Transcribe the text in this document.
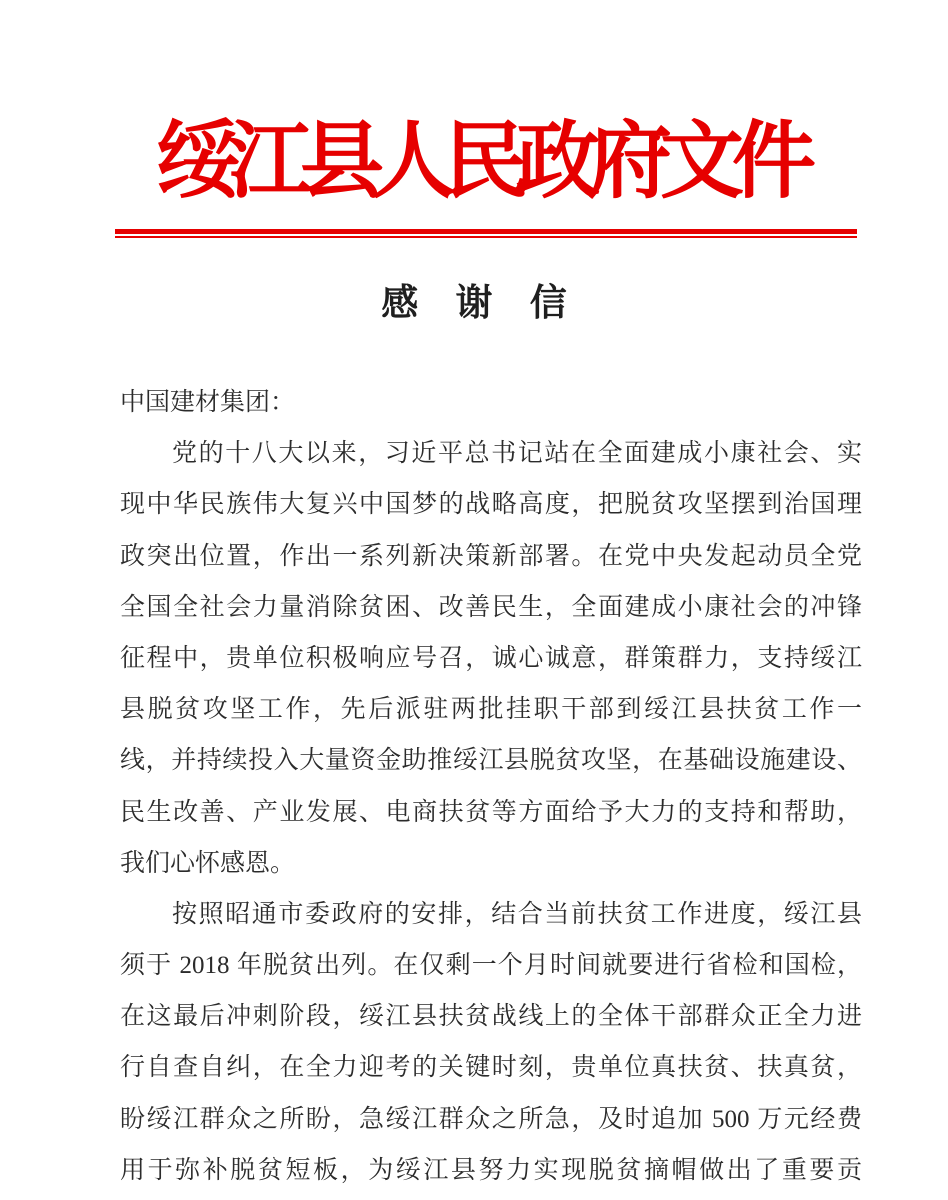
绥江县人民政府文件
感 谢 信
中国建材集团：
党的十八大以来，习近平总书记站在全面建成小康社会、实
现中华民族伟大复兴中国梦的战略高度，把脱贫攻坚摆到治国理
政突出位置，作出一系列新决策新部署。在党中央发起动员全党
全国全社会力量消除贫困、改善民生，全面建成小康社会的冲锋
征程中，贵单位积极响应号召，诚心诚意，群策群力，支持绥江
县脱贫攻坚工作，先后派驻两批挂职干部到绥江县扶贫工作一
线，并持续投入大量资金助推绥江县脱贫攻坚，在基础设施建设、
民生改善、产业发展、电商扶贫等方面给予大力的支持和帮助，
我们心怀感恩。
按照昭通市委政府的安排，结合当前扶贫工作进度，绥江县
须于 2018 年脱贫出列。在仅剩一个月时间就要进行省检和国检，
在这最后冲刺阶段，绥江县扶贫战线上的全体干部群众正全力进
行自查自纠，在全力迎考的关键时刻，贵单位真扶贫、扶真贫，
盼绥江群众之所盼，急绥江群众之所急，及时追加 500 万元经费
用于弥补脱贫短板，为绥江县努力实现脱贫摘帽做出了重要贡
